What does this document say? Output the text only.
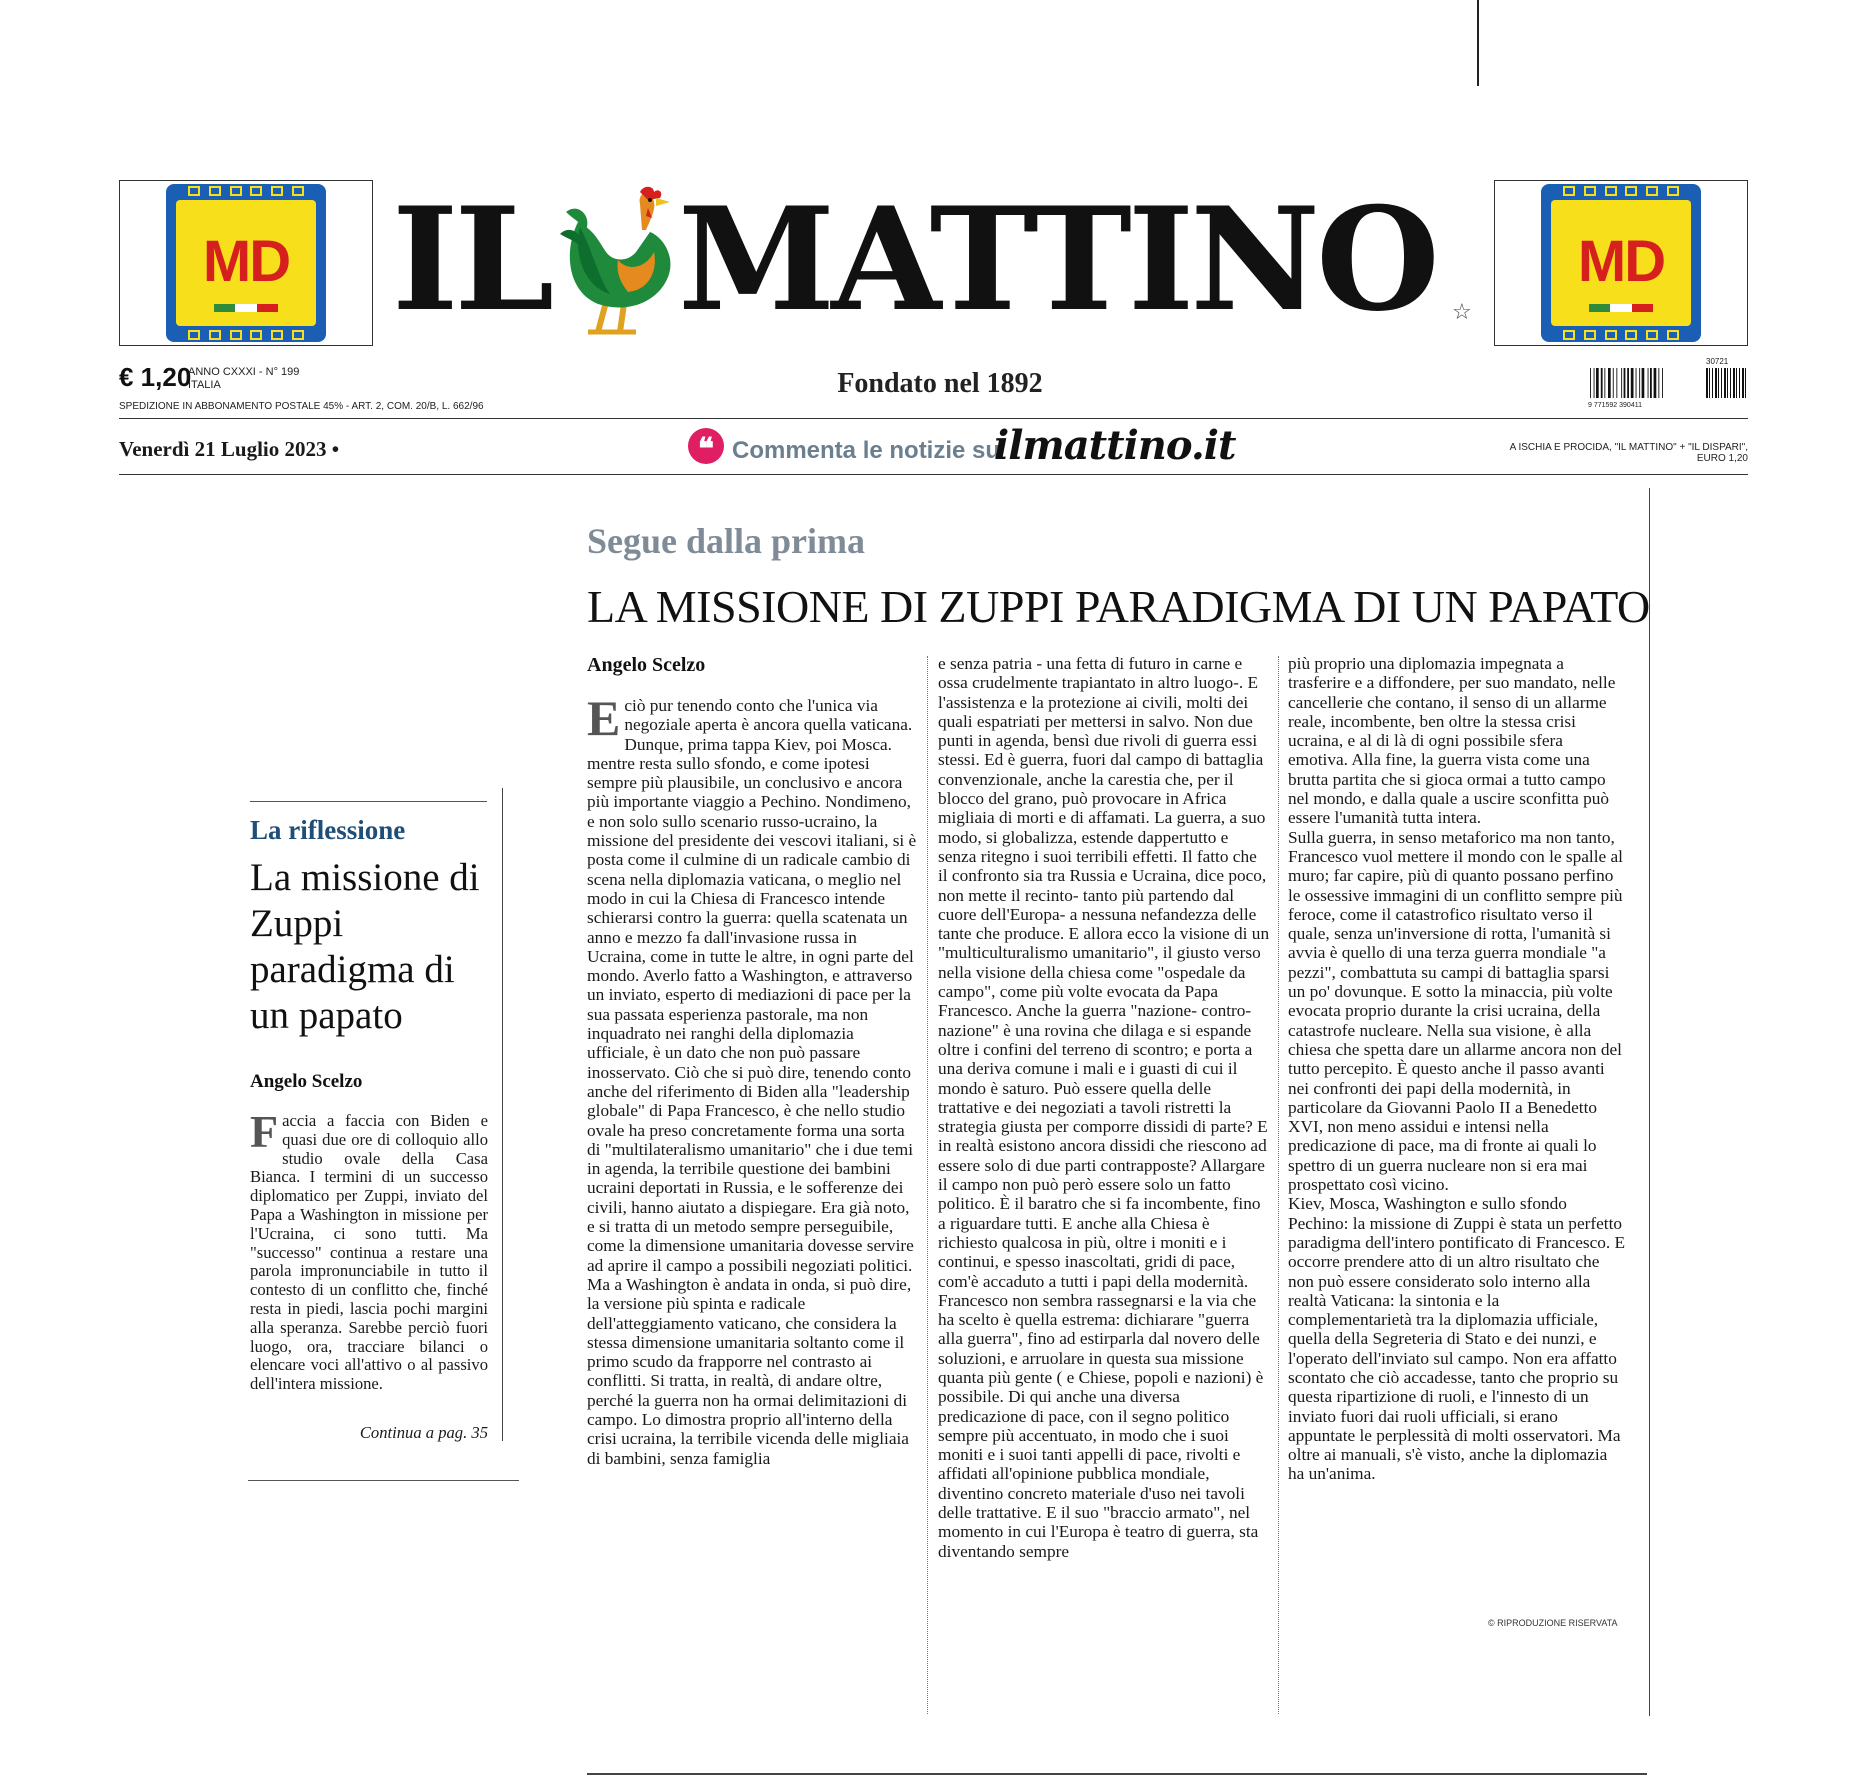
MD IL MATTINO ☆
MD
€ 1,20
ANNO CXXXI - N° 199
ITALIA
SPEDIZIONE IN ABBONAMENTO POSTALE 45% - ART. 2, COM. 20/B, L. 662/96
Fondato nel 1892
30721
9 771592 390411
Venerdì 21 Luglio 2023 •	❝ Commenta le notizie su
ilmattino.it	A ISCHIA E PROCIDA, "IL MATTINO" + "IL DISPARI", EURO 1,20
La riflessione
La missione di Zuppi paradigma di un papato
Angelo Scelzo
Faccia a faccia con Biden e quasi due ore di colloquio allo studio ovale della Casa Bianca. I termini di un successo diplomatico per Zuppi, inviato del Papa a Washington in missione per l'Ucraina, ci sono tutti. Ma "successo" continua a restare una parola impronunciabile in tutto il contesto di un conflitto che, finché resta in piedi, lascia pochi margini alla speranza. Sarebbe perciò fuori luogo, ora, tracciare bilanci o elencare voci all'attivo o al passivo dell'intera missione.
Continua a pag. 35
Segue dalla prima
LA MISSIONE DI ZUPPI PARADIGMA DI UN PAPATO
Angelo Scelzo

E ciò pur tenendo conto che l'unica via negoziale aperta è ancora quella vaticana.

Dunque, prima tappa Kiev, poi Mosca. mentre resta sullo sfondo, e come ipotesi sempre più plausibile, un conclusivo e ancora più importante viaggio a Pechino. Nondimeno, e non solo sullo scenario russo-ucraino, la missione del presidente dei vescovi italiani, si è posta come il culmine di un radicale cambio di scena nella diplomazia vaticana, o meglio nel modo in cui la Chiesa di Francesco intende schierarsi contro la guerra: quella scatenata un anno e mezzo fa dall'invasione russa in Ucraina, come in tutte le altre, in ogni parte del mondo. Averlo fatto a Washington, e attraverso un inviato, esperto di mediazioni di pace per la sua passata esperienza pastorale, ma non inquadrato nei ranghi della diplomazia ufficiale, è un dato che non può passare inosservato. Ciò che si può dire, tenendo conto anche del riferimento di Biden alla "leadership globale" di Papa Francesco, è che nello studio ovale ha preso concretamente forma una sorta di "multilateralismo umanitario" che i due temi in agenda, la terribile questione dei bambini ucraini deportati in Russia, e le sofferenze dei civili, hanno aiutato a dispiegare. Era già noto, e si tratta di un metodo sempre perseguibile, come la dimensione umanitaria dovesse servire ad aprire il campo a possibili negoziati politici. Ma a Washington è andata in onda, si può dire, la versione più spinta e radicale dell'atteggiamento vaticano, che considera la stessa dimensione umanitaria soltanto come il primo scudo da frapporre nel contrasto ai conflitti. Si tratta, in realtà, di andare oltre, perché la guerra non ha ormai delimitazioni di campo. Lo dimostra proprio all'interno della crisi ucraina, la terribile vicenda delle migliaia di bambini, senza famiglia

e senza patria - una fetta di futuro in carne e ossa crudelmente trapiantato in altro luogo-. E l'assistenza e la protezione ai civili, molti dei quali espatriati per mettersi in salvo. Non due punti in agenda, bensì due rivoli di guerra essi stessi. Ed è guerra, fuori dal campo di battaglia convenzionale, anche la carestia che, per il blocco del grano, può provocare in Africa migliaia di morti e di affamati. La guerra, a suo modo, si globalizza, estende dappertutto e senza ritegno i suoi terribili effetti. Il fatto che il confronto sia tra Russia e Ucraina, dice poco, non mette il recinto- tanto più partendo dal cuore dell'Europa- a nessuna nefandezza delle tante che produce. E allora ecco la visione di un "multiculturalismo umanitario", il giusto verso nella visione della chiesa come "ospedale da campo", come più volte evocata da Papa Francesco. Anche la guerra "nazione- contro- nazione" è una rovina che dilaga e si espande oltre i confini del terreno di scontro; e porta a una deriva comune i mali e i guasti di cui il mondo è saturo. Può essere quella delle trattative e dei negoziati a tavoli ristretti la strategia giusta per comporre dissidi di parte? E in realtà esistono ancora dissidi che riescono ad essere solo di due parti contrapposte? Allargare il campo non può però essere solo un fatto politico. È il baratro che si fa incombente, fino a riguardare tutti. E anche alla Chiesa è richiesto qualcosa in più, oltre i moniti e i continui, e spesso inascoltati, gridi di pace, com'è accaduto a tutti i papi della modernità. Francesco non sembra rassegnarsi e la via che ha scelto è quella estrema: dichiarare "guerra alla guerra", fino ad estirparla dal novero delle soluzioni, e arruolare in questa sua missione quanta più gente ( e Chiese, popoli e nazioni) è possibile. Di qui anche una diversa predicazione di pace, con il segno politico sempre più accentuato, in modo che i suoi moniti e i suoi tanti appelli di pace, rivolti e affidati all'opinione pubblica mondiale, diventino concreto materiale d'uso nei tavoli delle trattative. E il suo "braccio armato", nel momento in cui l'Europa è teatro di guerra, sta diventando sempre

più proprio una diplomazia impegnata a trasferire e a diffondere, per suo mandato, nelle cancellerie che contano, il senso di un allarme reale, incombente, ben oltre la stessa crisi ucraina, e al di là di ogni possibile sfera emotiva. Alla fine, la guerra vista come una brutta partita che si gioca ormai a tutto campo nel mondo, e dalla quale a uscire sconfitta può essere l'umanità tutta intera.

Sulla guerra, in senso metaforico ma non tanto, Francesco vuol mettere il mondo con le spalle al muro; far capire, più di quanto possano perfino le ossessive immagini di un conflitto sempre più feroce, come il catastrofico risultato verso il quale, senza un'inversione di rotta, l'umanità si avvia è quello di una terza guerra mondiale "a pezzi", combattuta su campi di battaglia sparsi un po' dovunque. E sotto la minaccia, più volte evocata proprio durante la crisi ucraina, della catastrofe nucleare. Nella sua visione, è alla chiesa che spetta dare un allarme ancora non del tutto percepito. È questo anche il passo avanti nei confronti dei papi della modernità, in particolare da Giovanni Paolo II a Benedetto XVI, non meno assidui e intensi nella predicazione di pace, ma di fronte ai quali lo spettro di un guerra nucleare non si era mai prospettato così vicino.

Kiev, Mosca, Washington e sullo sfondo Pechino: la missione di Zuppi è stata un perfetto paradigma dell'intero pontificato di Francesco. E occorre prendere atto di un altro risultato che non può essere considerato solo interno alla realtà Vaticana: la sintonia e la complementarietà tra la diplomazia ufficiale, quella della Segreteria di Stato e dei nunzi, e l'operato dell'inviato sul campo. Non era affatto scontato che ciò accadesse, tanto che proprio su questa ripartizione di ruoli, e l'innesto di un inviato fuori dai ruoli ufficiali, si erano appuntate le perplessità di molti osservatori. Ma oltre ai manuali, s'è visto, anche la diplomazia ha un'anima.

© RIPRODUZIONE RISERVATA
